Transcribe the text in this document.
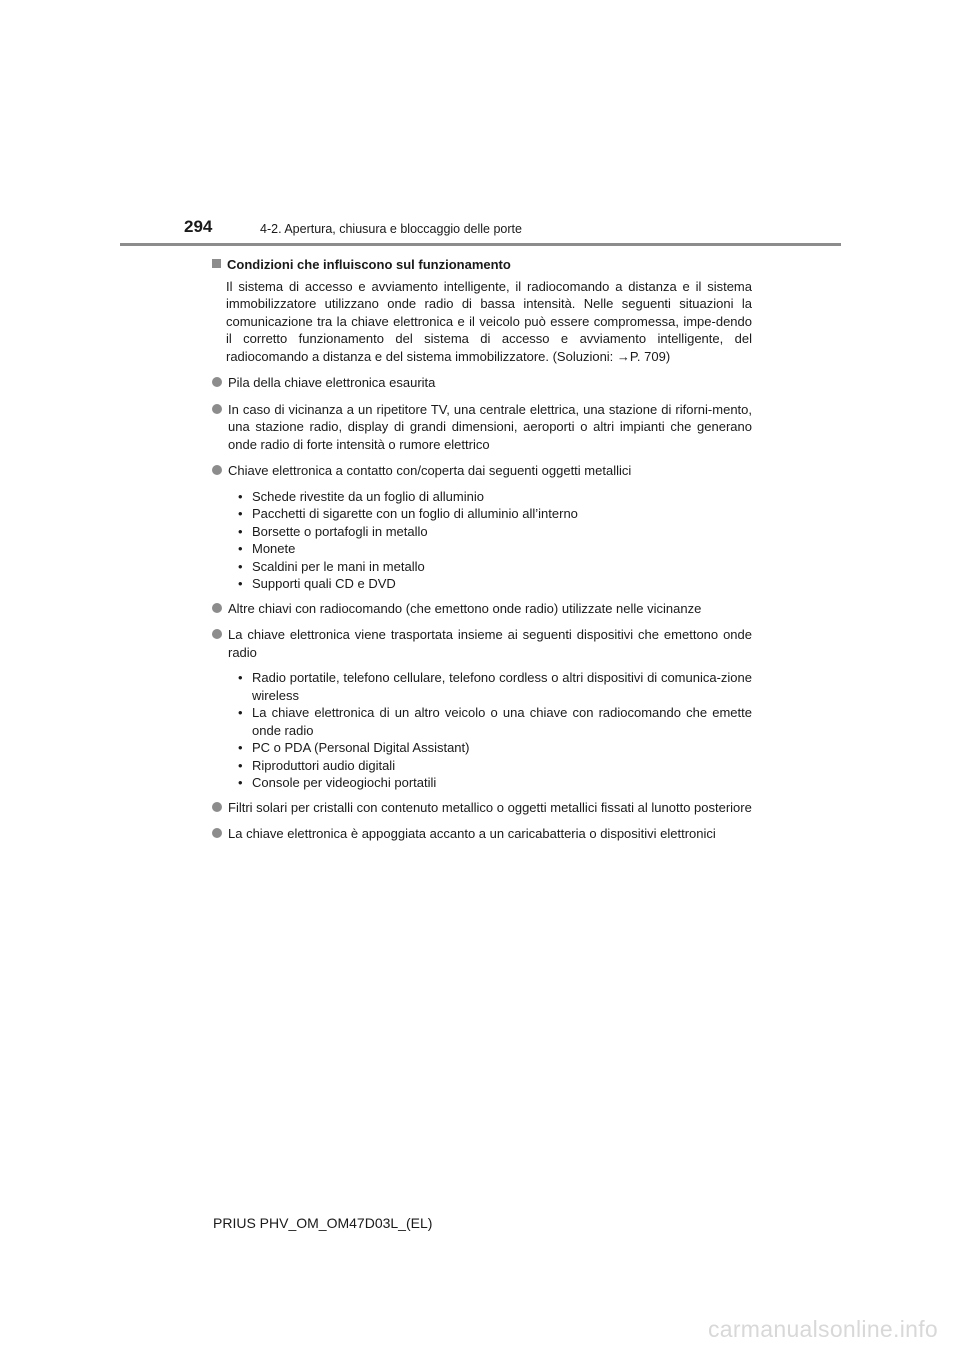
294	4-2. Apertura, chiusura e bloccaggio delle porte
Condizioni che influiscono sul funzionamento

Il sistema di accesso e avviamento intelligente, il radiocomando a distanza e il sistema immobilizzatore utilizzano onde radio di bassa intensità. Nelle seguenti situazioni la comunicazione tra la chiave elettronica e il veicolo può essere compromessa, impe-dendo il corretto funzionamento del sistema di accesso e avviamento intelligente, del radiocomando a distanza e del sistema immobilizzatore. (Soluzioni: →P. 709)

Pila della chiave elettronica esaurita
In caso di vicinanza a un ripetitore TV, una centrale elettrica, una stazione di riforni-mento, una stazione radio, display di grandi dimensioni, aeroporti o altri impianti che generano onde radio di forte intensità o rumore elettrico
Chiave elettronica a contatto con/coperta dai seguenti oggetti metallici
• Schede rivestite da un foglio di alluminio
• Pacchetti di sigarette con un foglio di alluminio all’interno
• Borsette o portafogli in metallo
• Monete
• Scaldini per le mani in metallo
• Supporti quali CD e DVD
Altre chiavi con radiocomando (che emettono onde radio) utilizzate nelle vicinanze
La chiave elettronica viene trasportata insieme ai seguenti dispositivi che emettono onde radio
• Radio portatile, telefono cellulare, telefono cordless o altri dispositivi di comunica-zione wireless
• La chiave elettronica di un altro veicolo o una chiave con radiocomando che emette onde radio
• PC o PDA (Personal Digital Assistant)
• Riproduttori audio digitali
• Console per videogiochi portatili
Filtri solari per cristalli con contenuto metallico o oggetti metallici fissati al lunotto posteriore
La chiave elettronica è appoggiata accanto a un caricabatteria o dispositivi elettronici
PRIUS PHV_OM_OM47D03L_(EL)
carmanualsonline.info
